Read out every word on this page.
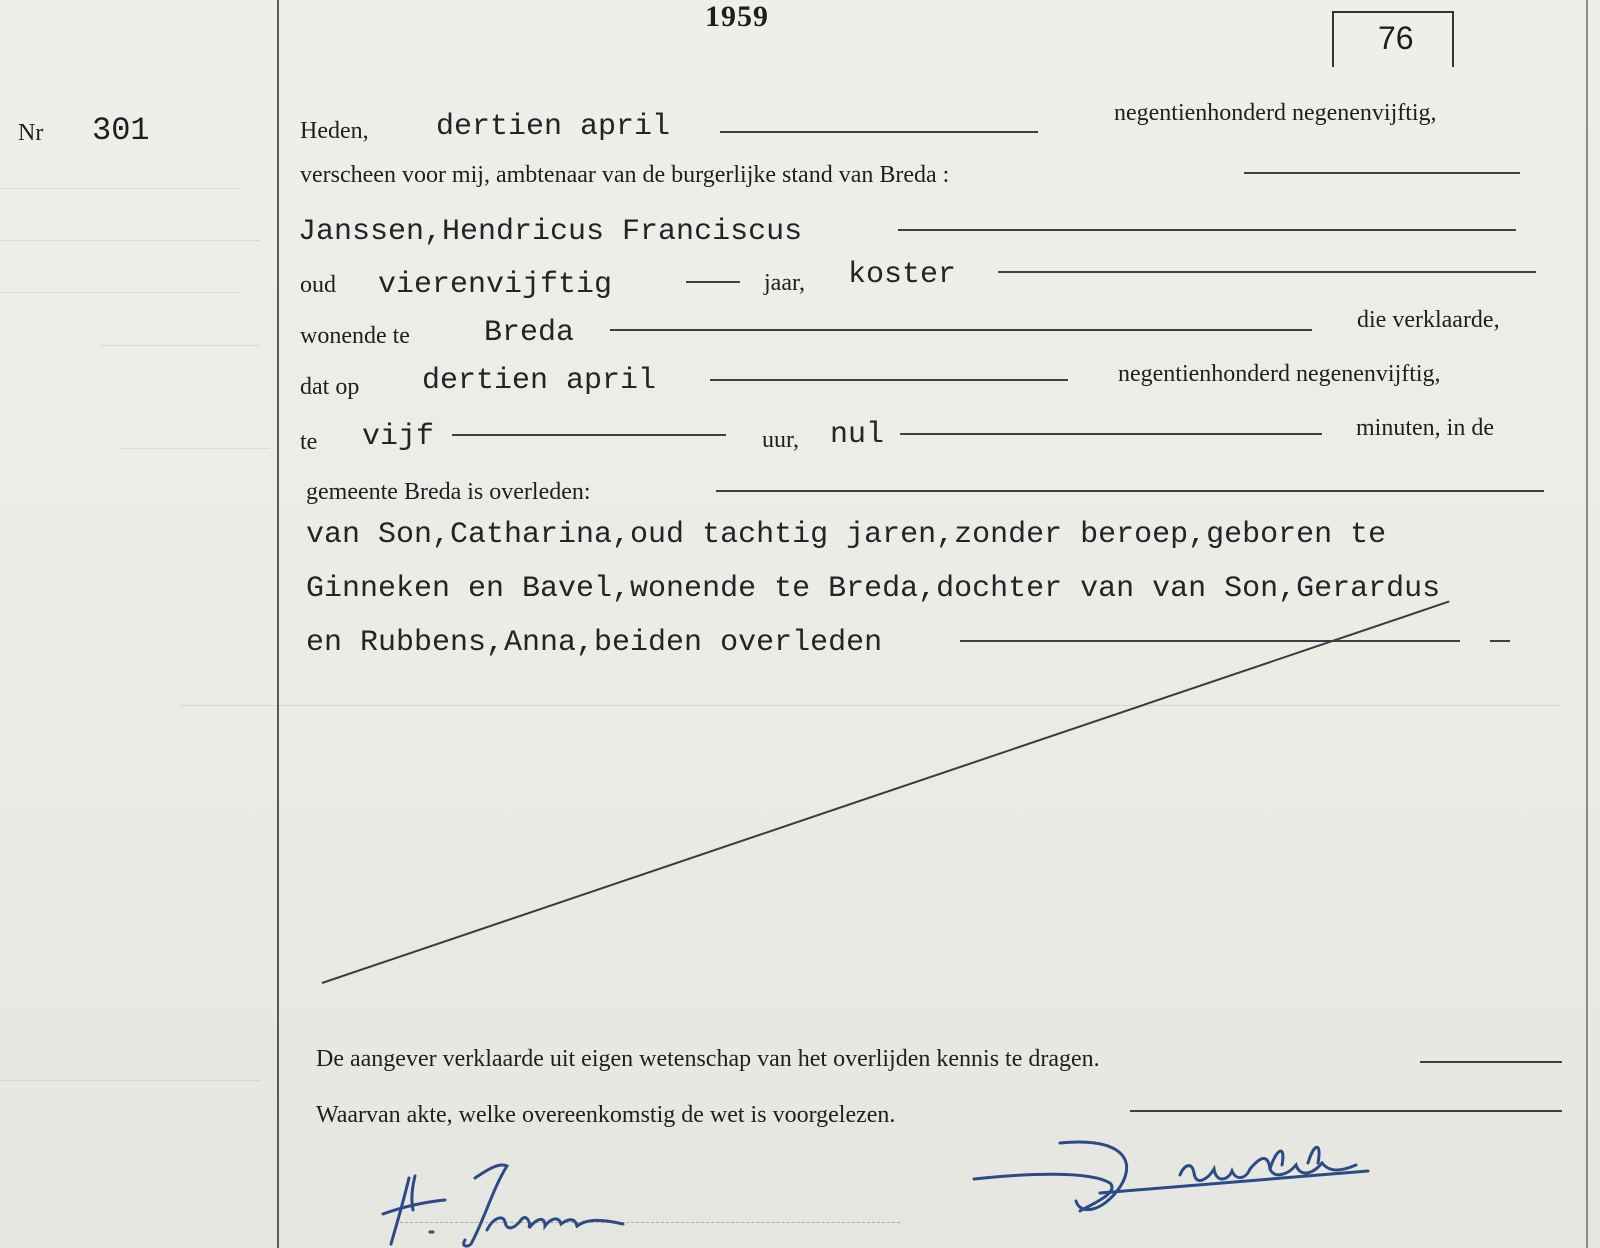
1959
76
Nr 301	Heden, dertien april	negentienhonderd negenenvijftig,
verscheen voor mij, ambtenaar van de burgerlijke stand van Breda :
Janssen,Hendricus Franciscus
oud vierenvijftig	jaar, koster
wonende te Breda	die verklaarde,
dat op dertien april	negentienhonderd negenenvijftig,
te vijf	uur, nul	minuten, in de
gemeente Breda is overleden:
van Son,Catharina,oud tachtig jaren,zonder beroep,geboren te
Ginneken en Bavel,wonende te Breda,dochter van van Son,Gerardus
en Rubbens,Anna,beiden overleden
De aangever verklaarde uit eigen wetenschap van het overlijden kennis te dragen.
Waarvan akte, welke overeenkomstig de wet is voorgelezen.
